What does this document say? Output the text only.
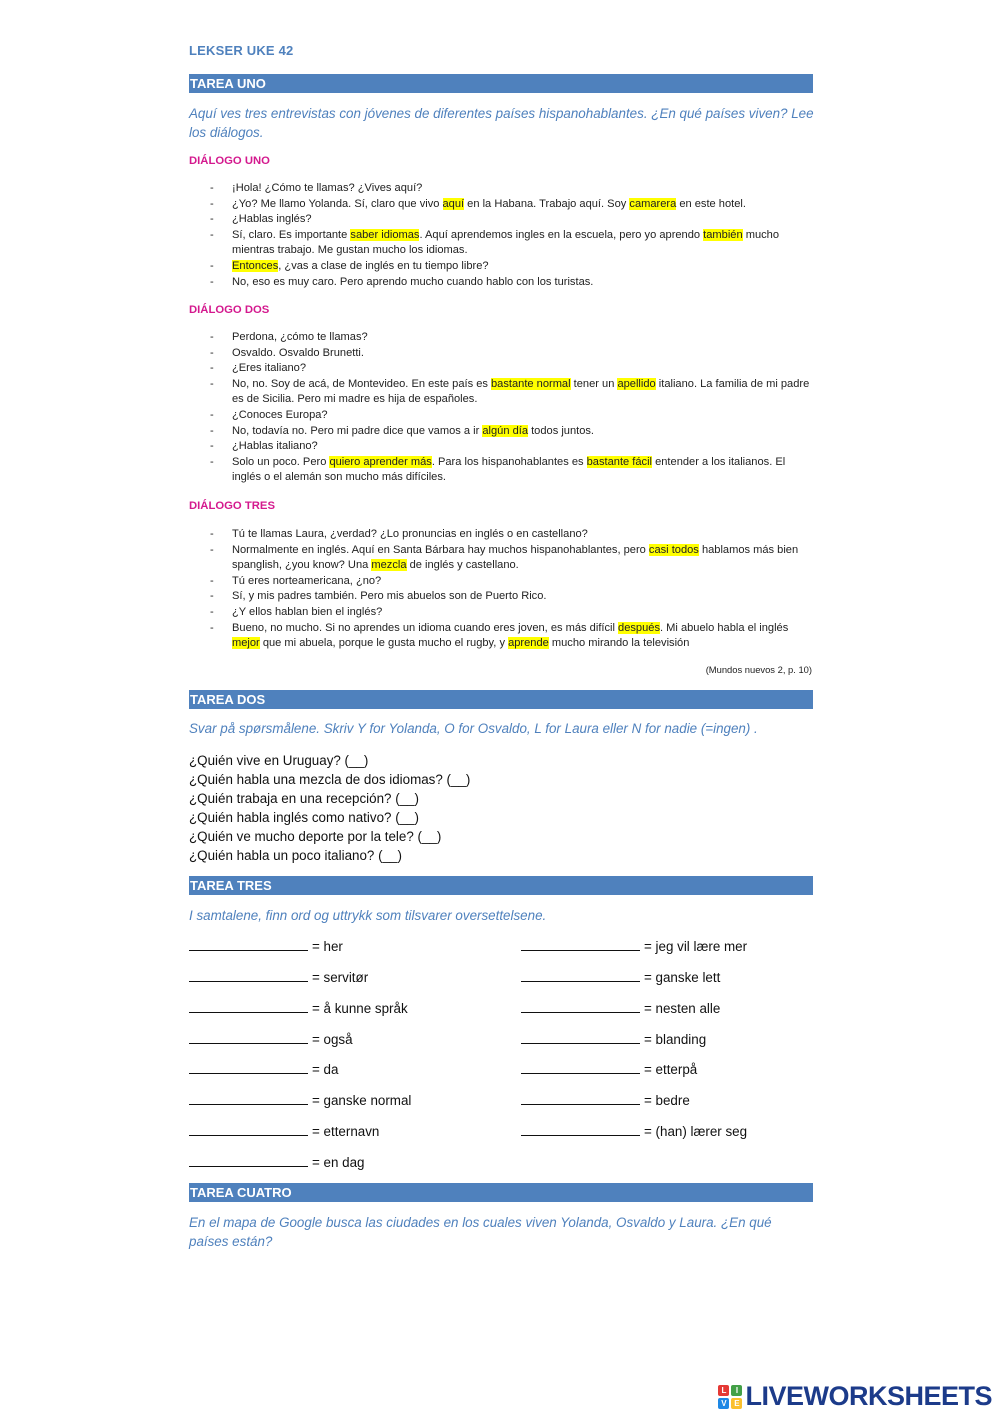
LEKSER UKE 42
TAREA UNO
Aquí ves tres entrevistas con jóvenes de diferentes países hispanohablantes. ¿En qué países viven? Lee los diálogos.
DIÁLOGO UNO
- ¡Hola! ¿Cómo te llamas? ¿Vives aquí?
- ¿Yo? Me llamo Yolanda. Sí, claro que vivo aquí en la Habana. Trabajo aquí. Soy camarera en este hotel.
- ¿Hablas inglés?
- Sí, claro. Es importante saber idiomas. Aquí aprendemos ingles en la escuela, pero yo aprendo también mucho mientras trabajo. Me gustan mucho los idiomas.
- Entonces, ¿vas a clase de inglés en tu tiempo libre?
- No, eso es muy caro. Pero aprendo mucho cuando hablo con los turistas.
DIÁLOGO DOS
- Perdona, ¿cómo te llamas?
- Osvaldo. Osvaldo Brunetti.
- ¿Eres italiano?
- No, no. Soy de acá, de Montevideo. En este país es bastante normal tener un apellido italiano. La familia de mi padre es de Sicilia. Pero mi madre es hija de españoles.
- ¿Conoces Europa?
- No, todavía no. Pero mi padre dice que vamos a ir algún día todos juntos.
- ¿Hablas italiano?
- Solo un poco. Pero quiero aprender más. Para los hispanohablantes es bastante fácil entender a los italianos. El inglés o el alemán son mucho más difíciles.
DIÁLOGO TRES
- Tú te llamas Laura, ¿verdad? ¿Lo pronuncias en inglés o en castellano?
- Normalmente en inglés. Aquí en Santa Bárbara hay muchos hispanohablantes, pero casi todos hablamos más bien spanglish, ¿you know? Una mezcla de inglés y castellano.
- Tú eres norteamericana, ¿no?
- Sí, y mis padres también. Pero mis abuelos son de Puerto Rico.
- ¿Y ellos hablan bien el inglés?
- Bueno, no mucho. Si no aprendes un idioma cuando eres joven, es más difícil después. Mi abuelo habla el inglés mejor que mi abuela, porque le gusta mucho el rugby, y aprende mucho mirando la televisión
(Mundos nuevos 2, p. 10)
TAREA DOS
Svar på spørsmålene. Skriv Y for Yolanda, O for Osvaldo, L for Laura eller N for nadie (=ingen) .
¿Quién vive en Uruguay? (__)
¿Quién habla una mezcla de dos idiomas? (__)
¿Quién trabaja en una recepción? (__)
¿Quién habla inglés como nativo? (__)
¿Quién ve mucho deporte por la tele? (__)
¿Quién habla un poco italiano? (__)
TAREA TRES
I samtalene, finn ord og uttrykk som tilsvarer oversettelsene.
= her
= servitør
= å kunne språk
= også
= da
= ganske normal
= etternavn
= en dag
= jeg vil lære mer
= ganske lett
= nesten alle
= blanding
= etterpå
= bedre
= (han) lærer seg
TAREA CUATRO
En el mapa de Google busca las ciudades en los cuales viven Yolanda, Osvaldo y Laura. ¿En qué países están?
L	I
V E LIVEWORKSHEETS
